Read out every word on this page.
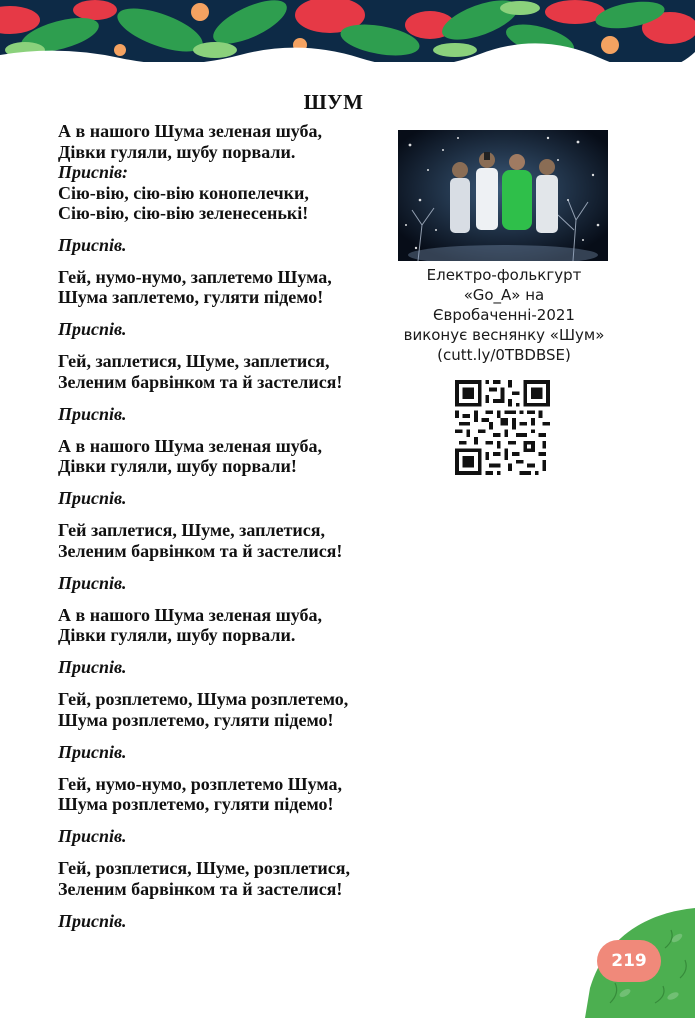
ШУМ
А в нашого Шума зеленая шуба,
Дівки гуляли, шубу порвали.
Приспів:
Сію-вію, сію-вію конопелечки,
Сію-вію, сію-вію зеленесенькі!
Приспів.
Гей, нумо-нумо, заплетемо Шума,
Шума заплетемо, гуляти підемо!
Приспів.
Гей, заплетися, Шуме, заплетися,
Зеленим барвінком та й застелися!
Приспів.
А в нашого Шума зеленая шуба,
Дівки гуляли, шубу порвали!
Приспів.
Гей заплетися, Шуме, заплетися,
Зеленим барвінком та й застелися!
Приспів.
А в нашого Шума зеленая шуба,
Дівки гуляли, шубу порвали.
Приспів.
Гей, розплетемо, Шума розплетемо,
Шума розплетемо, гуляти підемо!
Приспів.
Гей, нумо-нумо, розплетемо Шума,
Шума розплетемо, гуляти підемо!
Приспів.
Гей, розплетися, Шуме, розплетися,
Зеленим барвінком та й застелися!
Приспів.
Електро-фолькгурт
«Go_A» на
Євробаченні-2021
виконує веснянку «Шум»
(cutt.ly/0TBDBSE)
219
